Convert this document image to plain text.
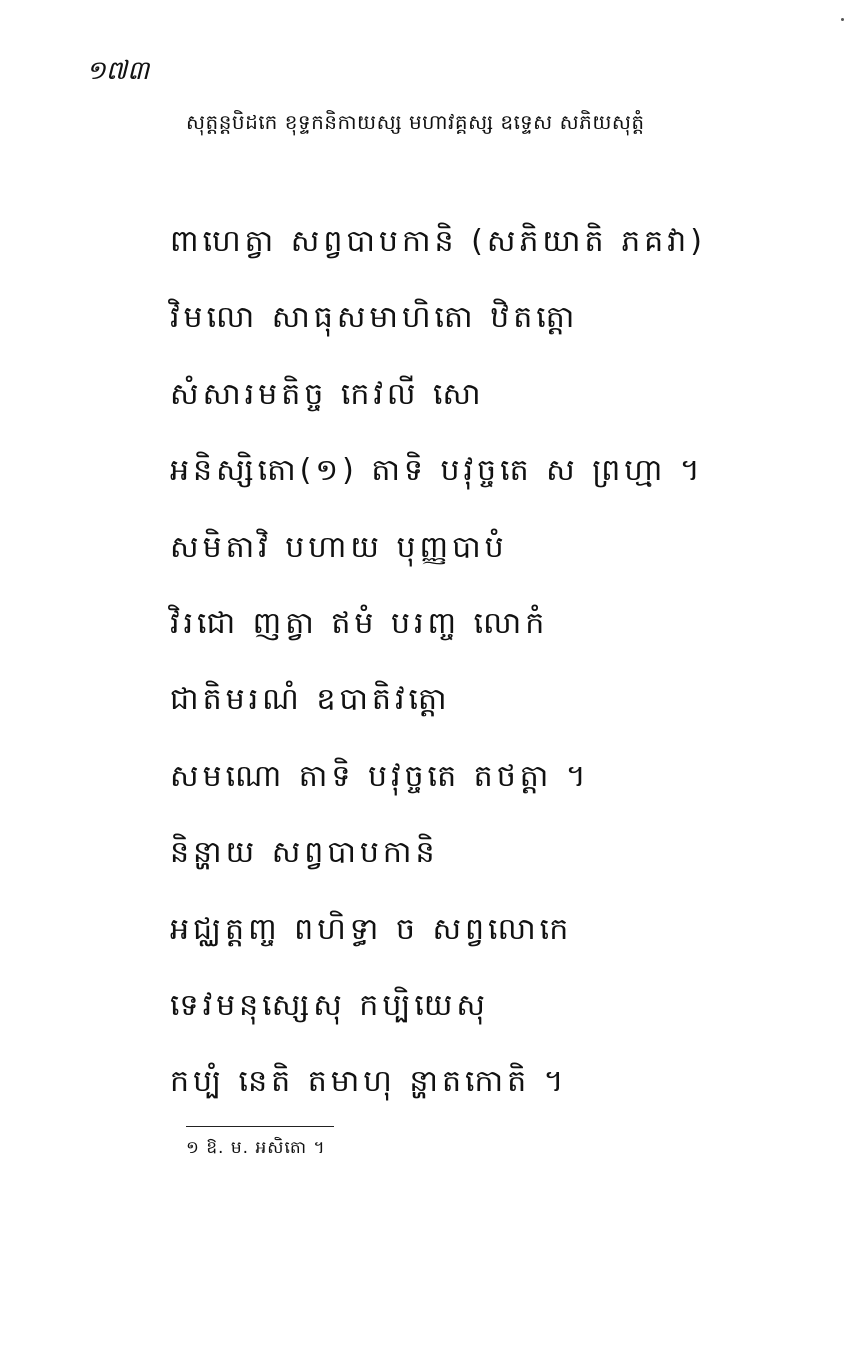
១៧៣
សុត្តន្តបិដកេ ខុទ្ទកនិកាយស្ស មហាវគ្គស្ស ឧទ្ទេស សភិយសុត្តំ
ពាហេត្វា សព្វបាបកានិ (សភិយាតិ ភគវា)
វិមលោ សាធុសមាហិតោ ឋិតត្តោ
សំសារមតិច្ច កេវលី សោ
អនិស្សិតោ(១) តាទិ បវុច្ចតេ ស ព្រហ្មា ។
សមិតាវិ បហាយ បុញ្ញបាបំ
វិរជោ ញត្វា ឥមំ បរញ្ច លោកំ
ជាតិមរណំ ឧបាតិវត្តោ
សមណោ តាទិ បវុច្ចតេ តថត្តា ។
និន្ហាយ សព្វបាបកានិ
អជ្ឈត្តញ្ច ពហិទ្ធា ច សព្វលោកេ
ទេវមនុស្សេសុ កប្បិយេសុ
កប្បំ នេតិ តមាហុ ន្ហាតកោតិ ។
១ ឱ. ម. អសិតោ ។
